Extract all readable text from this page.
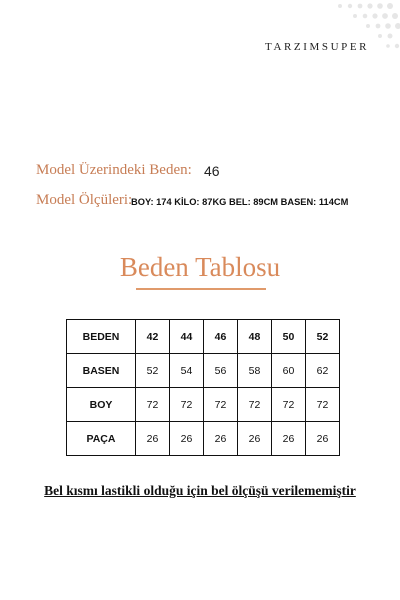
TARZIMSUPER
Model Üzerindeki Beden: 46
Model Ölçüleri:
BOY: 174 KİLO: 87KG BEL: 89CM BASEN: 114CM
Beden Tablosu
BEDEN	42	44	46	48	50	52
BASEN	52	54	56	58	60	62
BOY	72	72	72	72	72	72
PAÇA	26	26	26	26	26	26
Bel kısmı lastikli olduğu için bel ölçüşü verilememiştir
